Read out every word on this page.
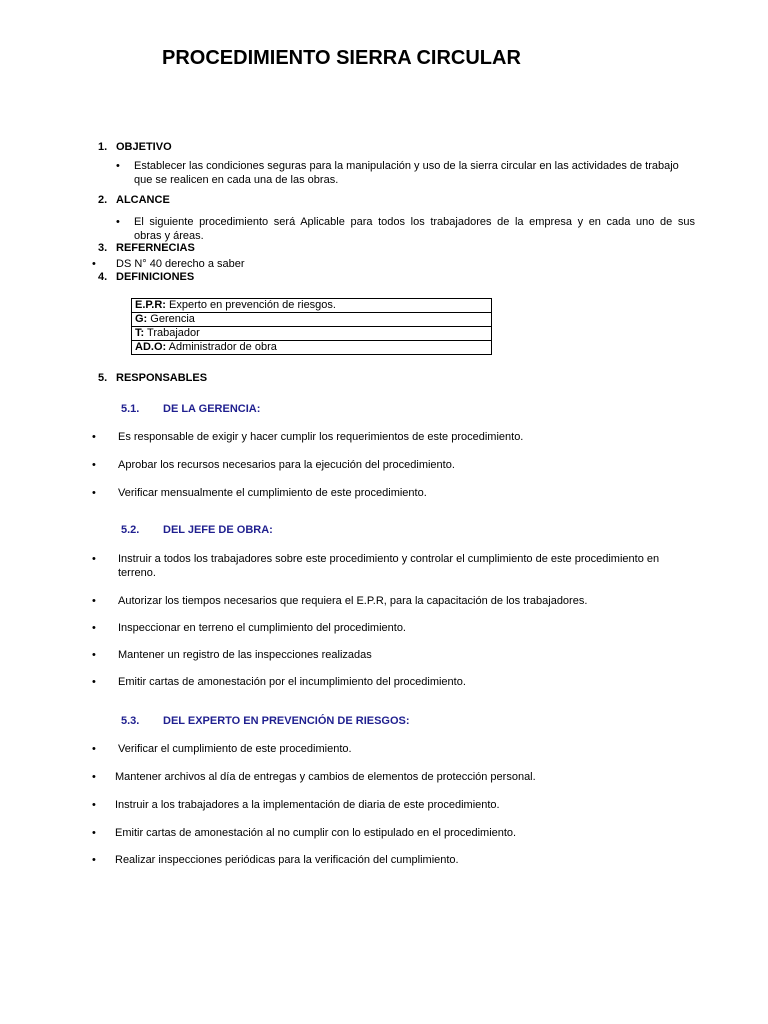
PROCEDIMIENTO SIERRA CIRCULAR
1. OBJETIVO
• Establecer las condiciones seguras para la manipulación y uso de la sierra circular en las actividades de trabajo
que se realicen en cada una de las obras.
2. ALCANCE
• El siguiente procedimiento será Aplicable para todos los trabajadores de la empresa y en cada uno de sus
obras y áreas.
3. REFERNECIAS
• DS N° 40 derecho a saber
4. DEFINICIONES
E.P.R: Experto en prevención de riesgos.
G: Gerencia
T: Trabajador
AD.O: Administrador de obra
5. RESPONSABLES
5.1. DE LA GERENCIA:
• Es responsable de exigir y hacer cumplir los requerimientos de este procedimiento.
• Aprobar los recursos necesarios para la ejecución del procedimiento.
• Verificar mensualmente el cumplimiento de este procedimiento.
5.2. DEL JEFE DE OBRA:
• Instruir a todos los trabajadores sobre este procedimiento y controlar el cumplimiento de este procedimiento en
terreno.
• Autorizar los tiempos necesarios que requiera el E.P.R, para la capacitación de los trabajadores.
• Inspeccionar en terreno el cumplimiento del procedimiento.
• Mantener un registro de las inspecciones realizadas
• Emitir cartas de amonestación por el incumplimiento del procedimiento.
5.3. DEL EXPERTO EN PREVENCIÓN DE RIESGOS:
• Verificar el cumplimiento de este procedimiento.
• Mantener archivos al día de entregas y cambios de elementos de protección personal.
• Instruir a los trabajadores a la implementación de diaria de este procedimiento.
• Emitir cartas de amonestación al no cumplir con lo estipulado en el procedimiento.
• Realizar inspecciones periódicas para la verificación del cumplimiento.
